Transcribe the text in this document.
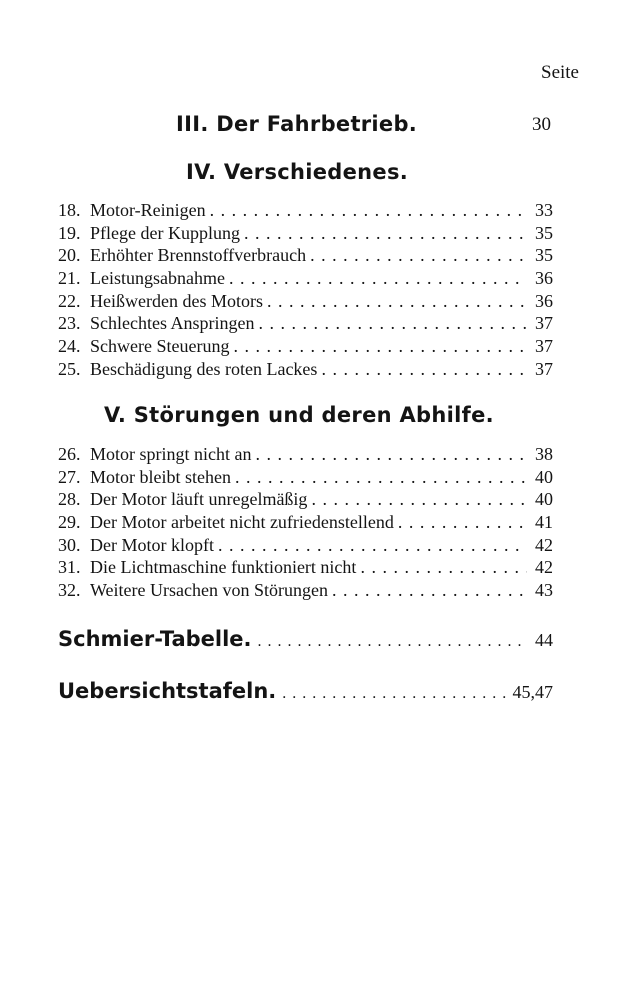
Seite
III. Der Fahrbetrieb.	30
IV. Verschiedenes.
18. Motor-Reinigen . . .	33
19. Pflege der Kupplung . . .	35
20. Erhöhter Brennstoffverbrauch . . .	35
21. Leistungsabnahme . . .	36
22. Heißwerden des Motors . . .	36
23. Schlechtes Anspringen . . .	37
24. Schwere Steuerung . . .	37
25. Beschädigung des roten Lackes . . .	37
V. Störungen und deren Abhilfe.
26. Motor springt nicht an . . .	38
27. Motor bleibt stehen . . .	40
28. Der Motor läuft unregelmäßig . . .	40
29. Der Motor arbeitet nicht zufriedenstellend . . .	41
30. Der Motor klopft . . .	42
31. Die Lichtmaschine funktioniert nicht . . .	42
32. Weitere Ursachen von Störungen . . .	43
Schmier-Tabelle. . . .	44
Uebersichtstafeln. . . .	45,47
